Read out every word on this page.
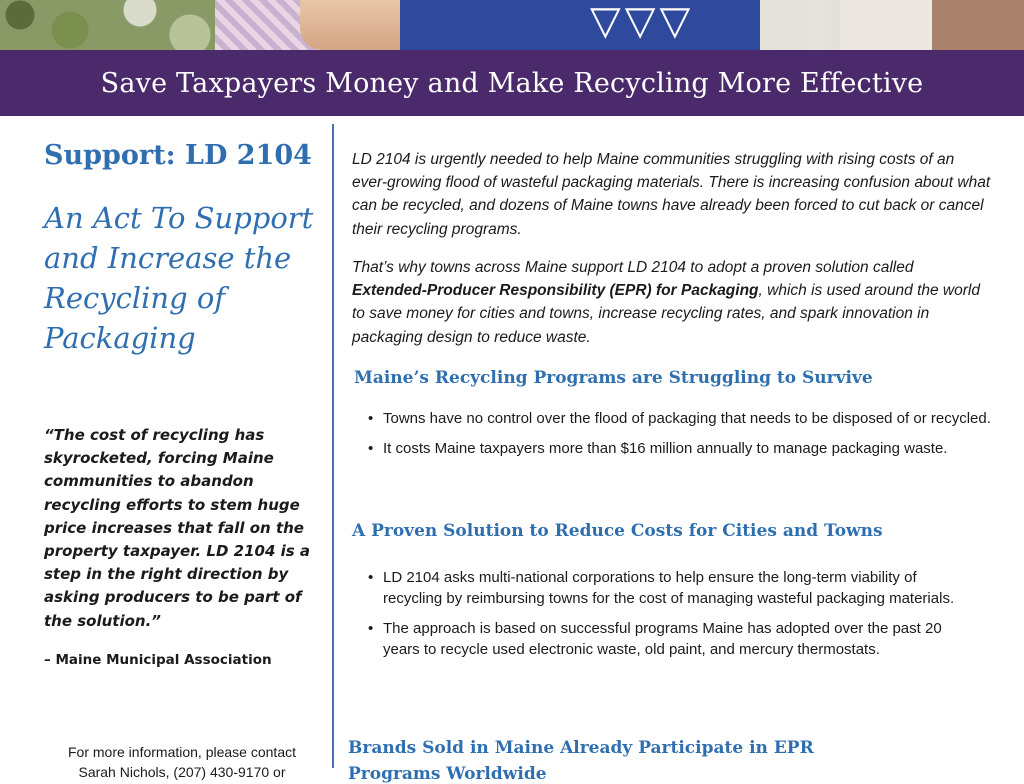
▽▽▽
Save Taxpayers Money and Make Recycling More Effective
Support: LD 2104

An Act To Support and Increase the Recycling of Packaging

“The cost of recycling has skyrocketed, forcing Maine communities to abandon recycling efforts to stem huge price increases that fall on the property taxpayer. LD 2104 is a step in the right direction by asking producers to be part of the solution.”

– Maine Municipal Association

For more information, please contact
Sarah Nichols, (207) 430-9170 or

LD 2104 is urgently needed to help Maine communities struggling with rising costs of an ever-growing flood of wasteful packaging materials. There is increasing confusion about what can be recycled, and dozens of Maine towns have already been forced to cut back or cancel their recycling programs.

That’s why towns across Maine support LD 2104 to adopt a proven solution called Extended-Producer Responsibility (EPR) for Packaging, which is used around the world to save money for cities and towns, increase recycling rates, and spark innovation in packaging design to reduce waste.

Maine’s Recycling Programs are Struggling to Survive
• Towns have no control over the flood of packaging that needs to be disposed of or recycled.
• It costs Maine taxpayers more than $16 million annually to manage packaging waste.
A Proven Solution to Reduce Costs for Cities and Towns
• LD 2104 asks multi-national corporations to help ensure the long-term viability of recycling by reimbursing towns for the cost of managing wasteful packaging materials.
• The approach is based on successful programs Maine has adopted over the past 20 years to recycle used electronic waste, old paint, and mercury thermostats.
Brands Sold in Maine Already Participate in EPR
Programs Worldwide
